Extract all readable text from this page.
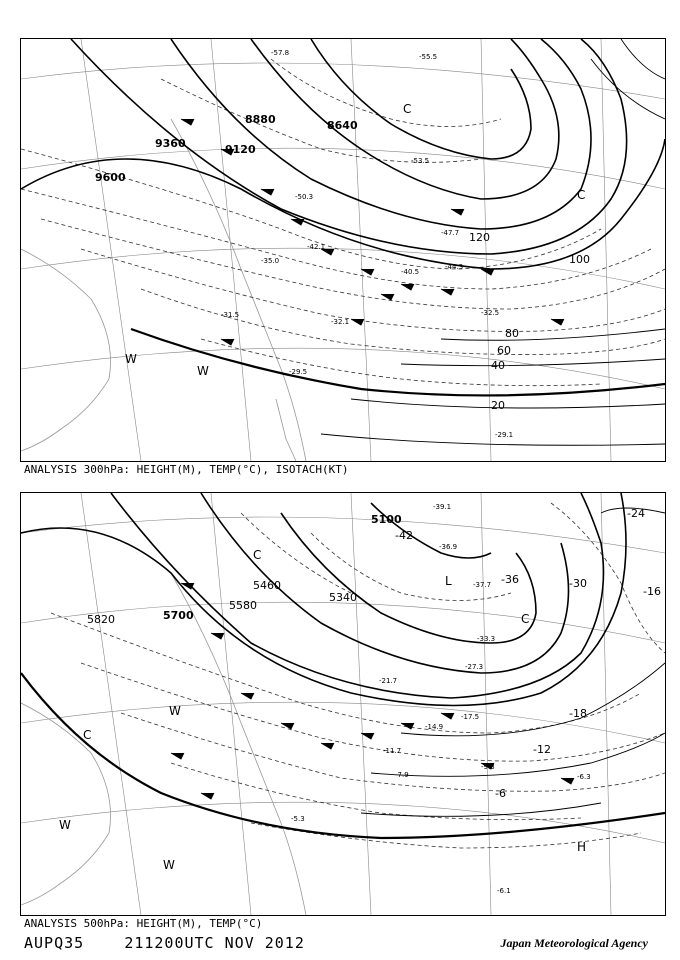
9600
9360	9120
8880	8640
20
40
60
80
100
120
W
W
C
C
-29.1
-29.5
-31.5
-32.1
-32.5
-35.0
-40.5
-42.1
-44.3
-47.7
-50.3
-53.5
-55.5
-57.8
ANALYSIS 300hPa: HEIGHT(M), TEMP(°C), ISOTACH(KT)
5820	5700
5580
5460
5340
5100
-6
-12
-18
-24
-30
-36
-42
-16
L
H
C
C
C
W
W
W
-5.3
-6.1
-6.3
-7.9
-9.3
-11.7
-14.9
-17.5
-21.7
-27.3
-33.3
-36.9
-37.7
-39.1
ANALYSIS 500hPa: HEIGHT(M), TEMP(°C)
AUPQ35	211200UTC NOV 2012	Japan Meteorological Agency
